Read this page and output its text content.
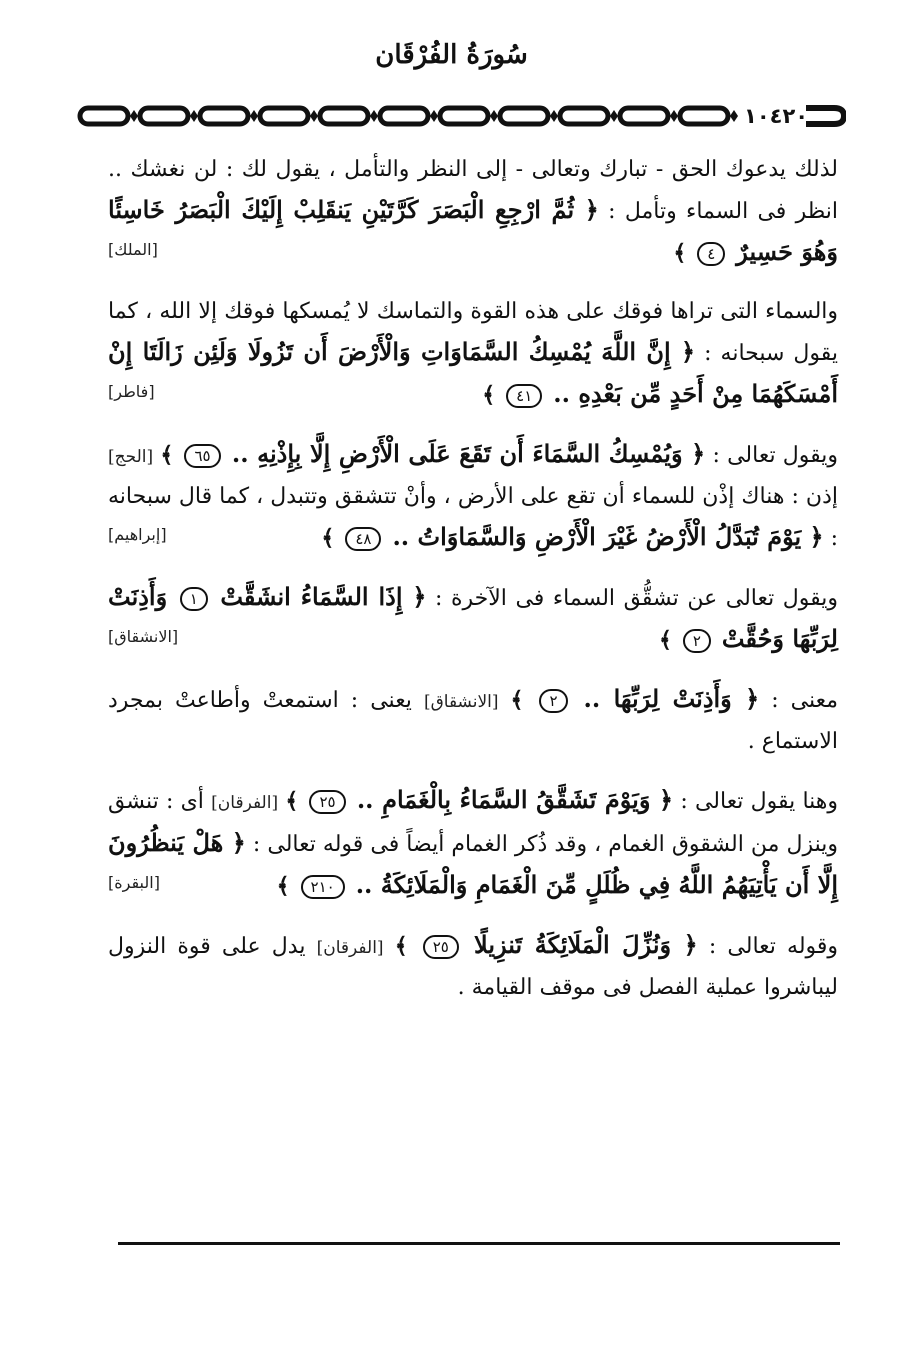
سُورَةُ الفُرْقَان
١٠٤٢٠

لذلك يدعوك الحق - تبارك وتعالى - إلى النظر والتأمل ، يقول لك : لن نغشك .. انظر فى السماء وتأمل : ﴿ ثُمَّ ارْجِعِ الْبَصَرَ كَرَّتَيْنِ يَنقَلِبْ إِلَيْكَ الْبَصَرُ خَاسِئًا وَهُوَ حَسِيرٌ ٤ ﴾
[الملك]

والسماء التى تراها فوقك على هذه القوة والتماسك لا يُمسكها فوقك إلا الله ، كما يقول سبحانه : ﴿ إِنَّ اللَّهَ يُمْسِكُ السَّمَاوَاتِ وَالْأَرْضَ أَن تَزُولَا وَلَئِن زَالَتَا إِنْ أَمْسَكَهُمَا مِنْ أَحَدٍ مِّن بَعْدِهِ .. ٤١ ﴾
[فاطر]

ويقول تعالى : ﴿ وَيُمْسِكُ السَّمَاءَ أَن تَقَعَ عَلَى الْأَرْضِ إِلَّا بِإِذْنِهِ .. ٦٥ ﴾ [الحج] إذن : هناك إذْن للسماء أن تقع على الأرض ، وأنْ تتشقق وتتبدل ، كما قال سبحانه : ﴿ يَوْمَ تُبَدَّلُ الْأَرْضُ غَيْرَ الْأَرْضِ وَالسَّمَاوَاتُ .. ٤٨ ﴾
[إبراهيم]

ويقول تعالى عن تشقُّق السماء فى الآخرة : ﴿ إِذَا السَّمَاءُ انشَقَّتْ ١ وَأَذِنَتْ لِرَبِّهَا وَحُقَّتْ ٢ ﴾
[الانشقاق]

معنى : ﴿ وَأَذِنَتْ لِرَبِّهَا .. ٢ ﴾ [الانشقاق] يعنى : استمعتْ وأطاعتْ بمجرد الاستماع .

وهنا يقول تعالى : ﴿ وَيَوْمَ تَشَقَّقُ السَّمَاءُ بِالْغَمَامِ .. ٢٥ ﴾ [الفرقان] أى : تنشق وينزل من الشقوق الغمام ، وقد ذُكر الغمام أيضاً فى قوله تعالى : ﴿ هَلْ يَنظُرُونَ إِلَّا أَن يَأْتِيَهُمُ اللَّهُ فِي ظُلَلٍ مِّنَ الْغَمَامِ وَالْمَلَائِكَةُ .. ٢١٠ ﴾
[البقرة]

وقوله تعالى : ﴿ وَنُزِّلَ الْمَلَائِكَةُ تَنزِيلًا ٢٥ ﴾ [الفرقان] يدل على قوة النزول ليباشروا عملية الفصل فى موقف القيامة .
